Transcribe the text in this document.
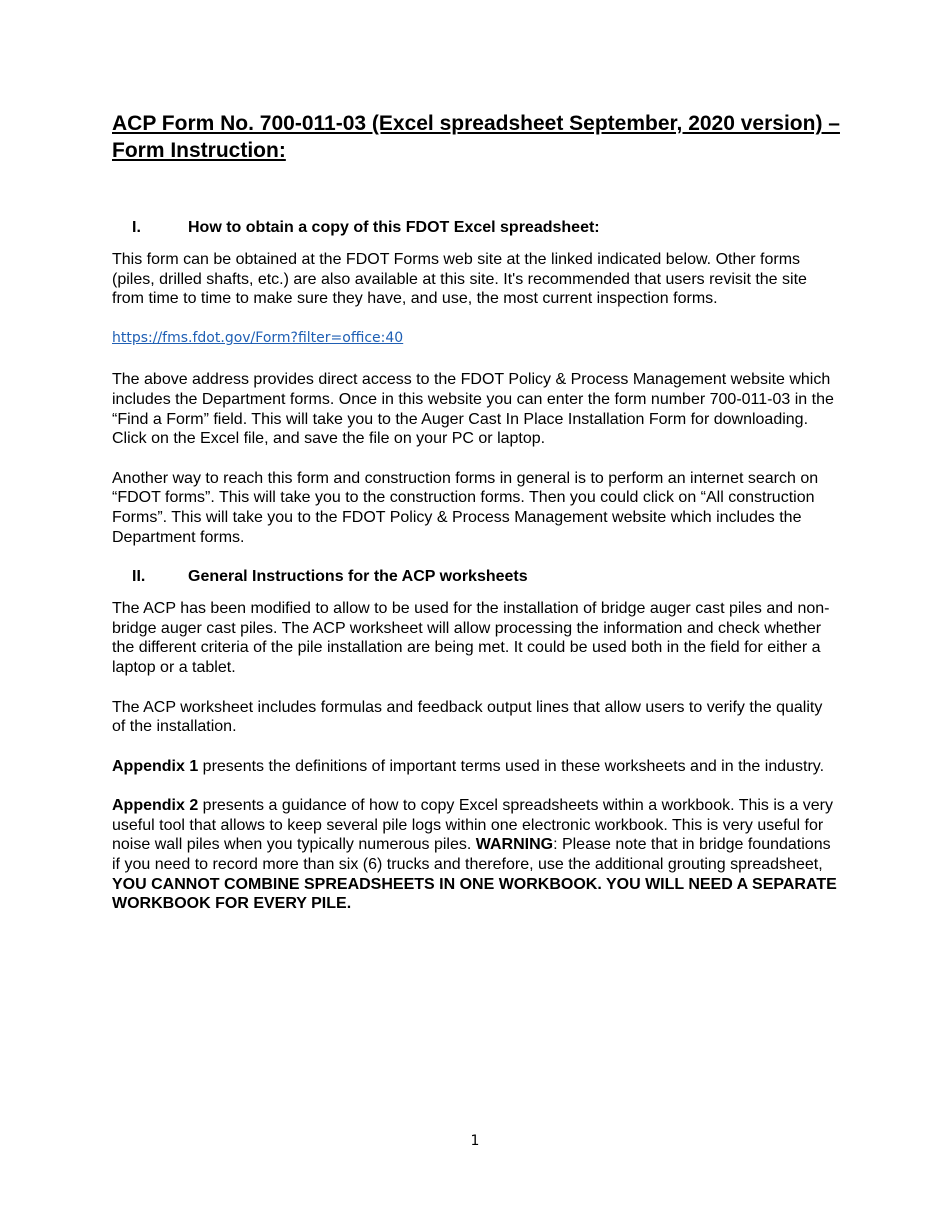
ACP Form No. 700-011-03 (Excel spreadsheet September, 2020 version) – Form Instruction:
I.	How to obtain a copy of this FDOT Excel spreadsheet:

This form can be obtained at the FDOT Forms web site at the linked indicated below. Other forms (piles, drilled shafts, etc.) are also available at this site. It's recommended that users revisit the site from time to time to make sure they have, and use, the most current inspection forms.

https://fms.fdot.gov/Form?filter=office:40

The above address provides direct access to the FDOT Policy & Process Management website which includes the Department forms. Once in this website you can enter the form number 700-011-03 in the “Find a Form” field. This will take you to the Auger Cast In Place Installation Form for downloading. Click on the Excel file, and save the file on your PC or laptop.

Another way to reach this form and construction forms in general is to perform an internet search on “FDOT forms”. This will take you to the construction forms. Then you could click on “All construction Forms”. This will take you to the FDOT Policy & Process Management website which includes the Department forms.

II.	General Instructions for the ACP worksheets

The ACP has been modified to allow to be used for the installation of bridge auger cast piles and non-bridge auger cast piles. The ACP worksheet will allow processing the information and check whether the different criteria of the pile installation are being met. It could be used both in the field for either a laptop or a tablet.

The ACP worksheet includes formulas and feedback output lines that allow users to verify the quality of the installation.

Appendix 1 presents the definitions of important terms used in these worksheets and in the industry.

Appendix 2 presents a guidance of how to copy Excel spreadsheets within a workbook. This is a very useful tool that allows to keep several pile logs within one electronic workbook. This is very useful for noise wall piles when you typically numerous piles. WARNING: Please note that in bridge foundations if you need to record more than six (6) trucks and therefore, use the additional grouting spreadsheet, YOU CANNOT COMBINE SPREADSHEETS IN ONE WORKBOOK. YOU WILL NEED A SEPARATE WORKBOOK FOR EVERY PILE.

1
